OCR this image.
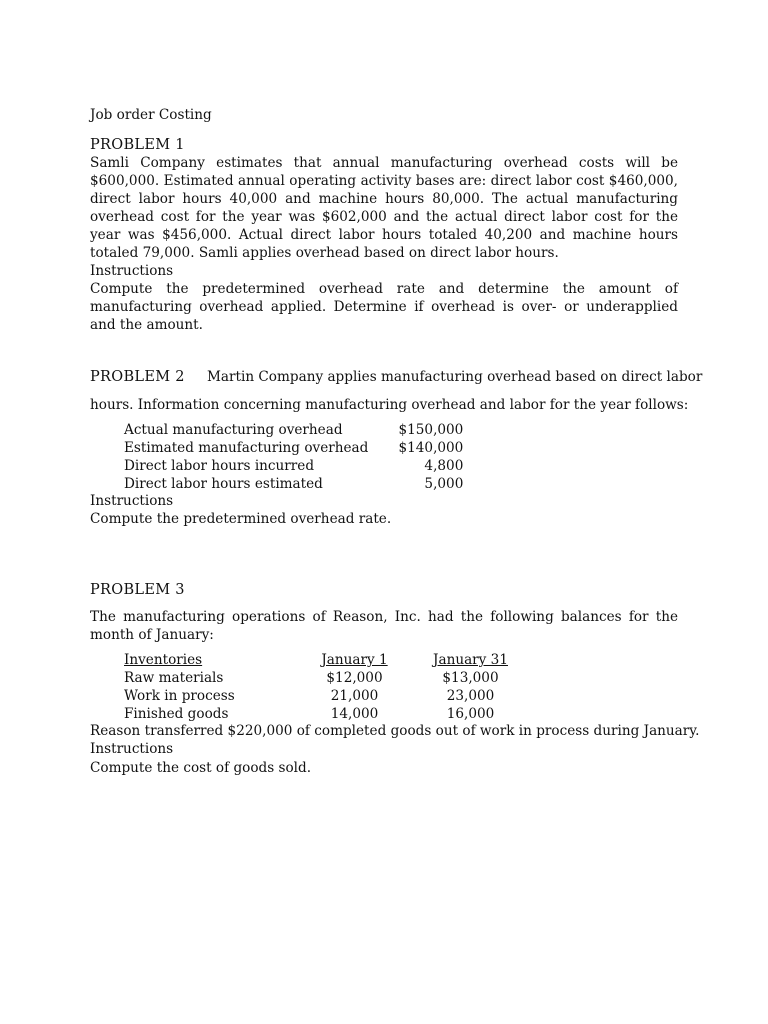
Job order Costing
PROBLEM 1
Samli Company estimates that annual manufacturing overhead costs will be $600,000. Estimated annual operating activity bases are: direct labor cost $460,000, direct labor hours 40,000 and machine hours 80,000. The actual manufacturing overhead cost for the year was $602,000 and the actual direct labor cost for the year was $456,000. Actual direct labor hours totaled 40,200 and machine hours totaled 79,000. Samli applies overhead based on direct labor hours.
Instructions
Compute the predetermined overhead rate and determine the amount of manufacturing overhead applied. Determine if overhead is over- or underapplied and the amount.
PROBLEM 2 Martin Company applies manufacturing overhead based on direct labor
hours. Information concerning manufacturing overhead and labor for the year follows:
Actual manufacturing overhead	$150,000
Estimated manufacturing overhead	$140,000
Direct labor hours incurred	4,800
Direct labor hours estimated	5,000
Instructions
Compute the predetermined overhead rate.
PROBLEM 3
The manufacturing operations of Reason, Inc. had the following balances for the month of January:
Inventories	January 1	January 31
Raw materials	$12,000	$13,000
Work in process	21,000	23,000
Finished goods	14,000	16,000
Reason transferred $220,000 of completed goods out of work in process during January.
Instructions
Compute the cost of goods sold.
